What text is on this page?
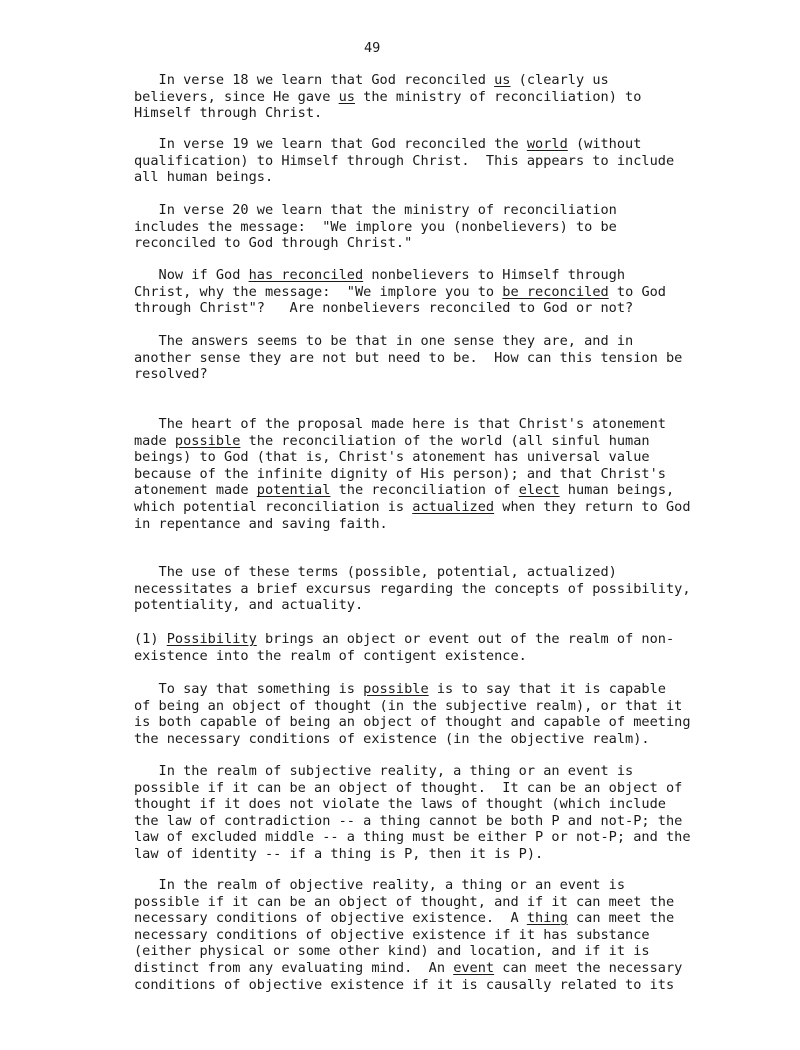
49
In verse 18 we learn that God reconciled us (clearly us
believers, since He gave us the ministry of reconciliation) to
Himself through Christ.
In verse 19 we learn that God reconciled the world (without
qualification) to Himself through Christ.  This appears to include
all human beings.
In verse 20 we learn that the ministry of reconciliation
includes the message:  "We implore you (nonbelievers) to be
reconciled to God through Christ."
Now if God has reconciled nonbelievers to Himself through
Christ, why the message:  "We implore you to be reconciled to God
through Christ"?   Are nonbelievers reconciled to God or not?
The answers seems to be that in one sense they are, and in
another sense they are not but need to be.  How can this tension be
resolved?
The heart of the proposal made here is that Christ's atonement
made possible the reconciliation of the world (all sinful human
beings) to God (that is, Christ's atonement has universal value
because of the infinite dignity of His person); and that Christ's
atonement made potential the reconciliation of elect human beings,
which potential reconciliation is actualized when they return to God
in repentance and saving faith.
The use of these terms (possible, potential, actualized)
necessitates a brief excursus regarding the concepts of possibility,
potentiality, and actuality.
(1) Possibility brings an object or event out of the realm of non-
existence into the realm of contigent existence.
To say that something is possible is to say that it is capable
of being an object of thought (in the subjective realm), or that it
is both capable of being an object of thought and capable of meeting
the necessary conditions of existence (in the objective realm).
In the realm of subjective reality, a thing or an event is
possible if it can be an object of thought.  It can be an object of
thought if it does not violate the laws of thought (which include
the law of contradiction -- a thing cannot be both P and not-P; the
law of excluded middle -- a thing must be either P or not-P; and the
law of identity -- if a thing is P, then it is P).
In the realm of objective reality, a thing or an event is
possible if it can be an object of thought, and if it can meet the
necessary conditions of objective existence.  A thing can meet the
necessary conditions of objective existence if it has substance
(either physical or some other kind) and location, and if it is
distinct from any evaluating mind.  An event can meet the necessary
conditions of objective existence if it is causally related to its
